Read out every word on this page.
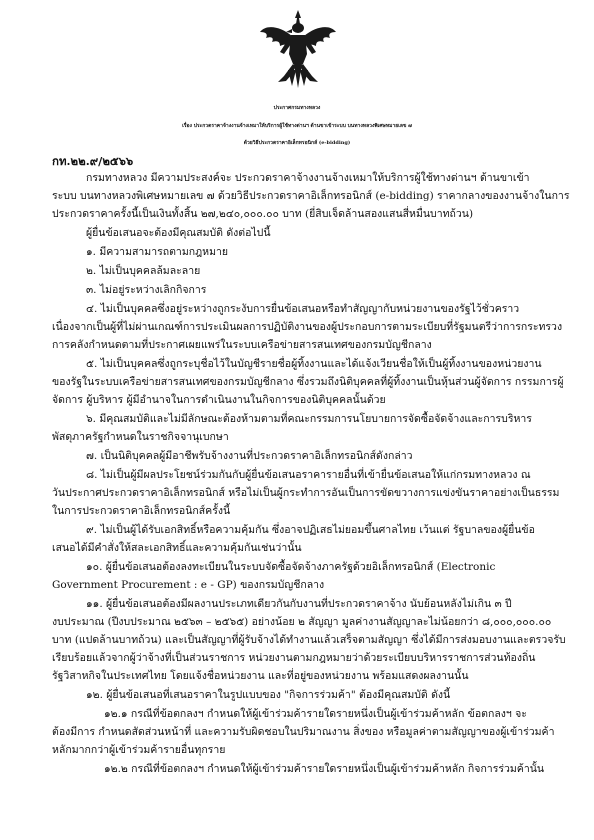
ประกาศกรมทางหลวง
เรื่อง ประกวดราคาจ้างงานจ้างเหมาให้บริการผู้ใช้ทางด่านฯ ด้านขาเข้าระบบ บนทางหลวงพิเศษหมายเลข ๗
ด้วยวิธีประกวดราคาอิเล็กทรอนิกส์ (e-bidding)
กท.๒๒.๙/๒๕๖๖
กรมทางหลวง มีความประสงค์จะ ประกวดราคาจ้างงานจ้างเหมาให้บริการผู้ใช้ทางด่านฯ ด้านขาเข้า
ระบบ บนทางหลวงพิเศษหมายเลข ๗ ด้วยวิธีประกวดราคาอิเล็กทรอนิกส์ (e-bidding) ราคากลางของงานจ้างในการ
ประกวดราคาครั้งนี้เป็นเงินทั้งสิ้น ๒๗,๒๔๐,๐๐๐.๐๐ บาท (ยี่สิบเจ็ดล้านสองแสนสี่หมื่นบาทถ้วน)
ผู้ยื่นข้อเสนอจะต้องมีคุณสมบัติ ดังต่อไปนี้
๑. มีความสามารถตามกฎหมาย
๒. ไม่เป็นบุคคลล้มละลาย
๓. ไม่อยู่ระหว่างเลิกกิจการ
๔. ไม่เป็นบุคคลซึ่งอยู่ระหว่างถูกระงับการยื่นข้อเสนอหรือทำสัญญากับหน่วยงานของรัฐไว้ชั่วคราว
เนื่องจากเป็นผู้ที่ไม่ผ่านเกณฑ์การประเมินผลการปฏิบัติงานของผู้ประกอบการตามระเบียบที่รัฐมนตรีว่าการกระทรวง
การคลังกำหนดตามที่ประกาศเผยแพร่ในระบบเครือข่ายสารสนเทศของกรมบัญชีกลาง
๕. ไม่เป็นบุคคลซึ่งถูกระบุชื่อไว้ในบัญชีรายชื่อผู้ทิ้งงานและได้แจ้งเวียนชื่อให้เป็นผู้ทิ้งงานของหน่วยงาน
ของรัฐในระบบเครือข่ายสารสนเทศของกรมบัญชีกลาง ซึ่งรวมถึงนิติบุคคลที่ผู้ทิ้งงานเป็นหุ้นส่วนผู้จัดการ กรรมการผู้
จัดการ ผู้บริหาร ผู้มีอำนาจในการดำเนินงานในกิจการของนิติบุคคลนั้นด้วย
๖. มีคุณสมบัติและไม่มีลักษณะต้องห้ามตามที่คณะกรรมการนโยบายการจัดซื้อจัดจ้างและการบริหาร
พัสดุภาครัฐกำหนดในราชกิจจานุเบกษา
๗. เป็นนิติบุคคลผู้มีอาชีพรับจ้างงานที่ประกวดราคาอิเล็กทรอนิกส์ดังกล่าว
๘. ไม่เป็นผู้มีผลประโยชน์ร่วมกันกับผู้ยื่นข้อเสนอราคารายอื่นที่เข้ายื่นข้อเสนอให้แก่กรมทางหลวง ณ
วันประกาศประกวดราคาอิเล็กทรอนิกส์ หรือไม่เป็นผู้กระทำการอันเป็นการขัดขวางการแข่งขันราคาอย่างเป็นธรรม
ในการประกวดราคาอิเล็กทรอนิกส์ครั้งนี้
๙. ไม่เป็นผู้ได้รับเอกสิทธิ์หรือความคุ้มกัน ซึ่งอาจปฏิเสธไม่ยอมขึ้นศาลไทย เว้นแต่ รัฐบาลของผู้ยื่นข้อ
เสนอได้มีคำสั่งให้สละเอกสิทธิ์และความคุ้มกันเช่นว่านั้น
๑๐. ผู้ยื่นข้อเสนอต้องลงทะเบียนในระบบจัดซื้อจัดจ้างภาครัฐด้วยอิเล็กทรอนิกส์ (Electronic
Government Procurement : e - GP) ของกรมบัญชีกลาง
๑๑. ผู้ยื่นข้อเสนอต้องมีผลงานประเภทเดียวกันกับงานที่ประกวดราคาจ้าง นับย้อนหลังไม่เกิน ๓ ปี
งบประมาณ (ปีงบประมาณ ๒๕๖๓ – ๒๕๖๕) อย่างน้อย ๒ สัญญา มูลค่างานสัญญาละไม่น้อยกว่า ๘,๐๐๐,๐๐๐.๐๐
บาท (แปดล้านบาทถ้วน) และเป็นสัญญาที่ผู้รับจ้างได้ทำงานแล้วเสร็จตามสัญญา ซึ่งได้มีการส่งมอบงานและตรวจรับ
เรียบร้อยแล้วจากผู้ว่าจ้างที่เป็นส่วนราชการ หน่วยงานตามกฎหมายว่าด้วยระเบียบบริหารราชการส่วนท้องถิ่น
รัฐวิสาหกิจในประเทศไทย โดยแจ้งชื่อหน่วยงาน และที่อยู่ของหน่วยงาน พร้อมแสดงผลงานนั้น
๑๒. ผู้ยื่นข้อเสนอที่เสนอราคาในรูปแบบของ "กิจการร่วมค้า" ต้องมีคุณสมบัติ ดังนี้
๑๒.๑ กรณีที่ข้อตกลงฯ กำหนดให้ผู้เข้าร่วมค้ารายใดรายหนึ่งเป็นผู้เข้าร่วมค้าหลัก ข้อตกลงฯ จะ
ต้องมีการ กำหนดสัดส่วนหน้าที่ และความรับผิดชอบในปริมาณงาน สิ่งของ หรือมูลค่าตามสัญญาของผู้เข้าร่วมค้า
หลักมากกว่าผู้เข้าร่วมค้ารายอื่นทุกราย
๑๒.๒ กรณีที่ข้อตกลงฯ กำหนดให้ผู้เข้าร่วมค้ารายใดรายหนึ่งเป็นผู้เข้าร่วมค้าหลัก กิจการร่วมค้านั้น
